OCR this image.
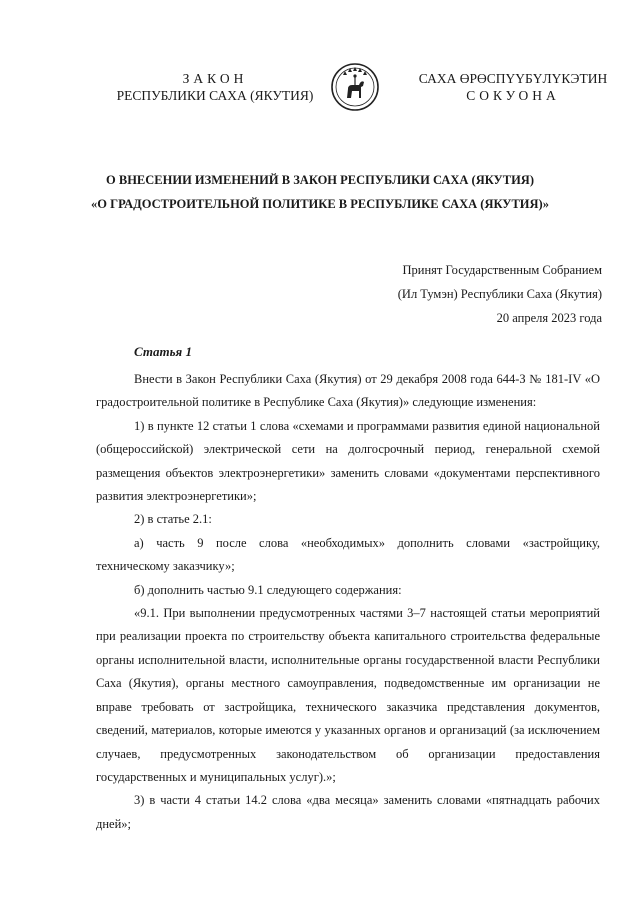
ЗАКОН
РЕСПУБЛИКИ САХА (ЯКУТИЯ)
САХА ӨРӨСПҮҮБҮЛҮКЭТИН
СОКУОНА
О ВНЕСЕНИИ ИЗМЕНЕНИЙ В ЗАКОН РЕСПУБЛИКИ САХА (ЯКУТИЯ)
«О ГРАДОСТРОИТЕЛЬНОЙ ПОЛИТИКЕ В РЕСПУБЛИКЕ САХА (ЯКУТИЯ)»
Принят Государственным Собранием
(Ил Тумэн) Республики Саха (Якутия)
20 апреля 2023 года
Статья 1

Внести в Закон Республики Саха (Якутия) от 29 декабря 2008 года 644-З № 181-IV «О градостроительной политике в Республике Саха (Якутия)» следующие изменения:

1) в пункте 12 статьи 1 слова «схемами и программами развития единой национальной (общероссийской) электрической сети на долгосрочный период, генеральной схемой размещения объектов электроэнергетики» заменить словами «документами перспективного развития электроэнергетики»;

2) в статье 2.1:

а) часть 9 после слова «необходимых» дополнить словами «застройщику, техническому заказчику»;

б) дополнить частью 9.1 следующего содержания:

«9.1. При выполнении предусмотренных частями 3–7 настоящей статьи мероприятий при реализации проекта по строительству объекта капитального строительства федеральные органы исполнительной власти, исполнительные органы государственной власти Республики Саха (Якутия), органы местного самоуправления, подведомственные им организации не вправе требовать от застройщика, технического заказчика представления документов, сведений, материалов, которые имеются у указанных органов и организаций (за исключением случаев, предусмотренных законодательством об организации предоставления государственных и муниципальных услуг).»;

3) в части 4 статьи 14.2 слова «два месяца» заменить словами «пятнадцать рабочих дней»;
